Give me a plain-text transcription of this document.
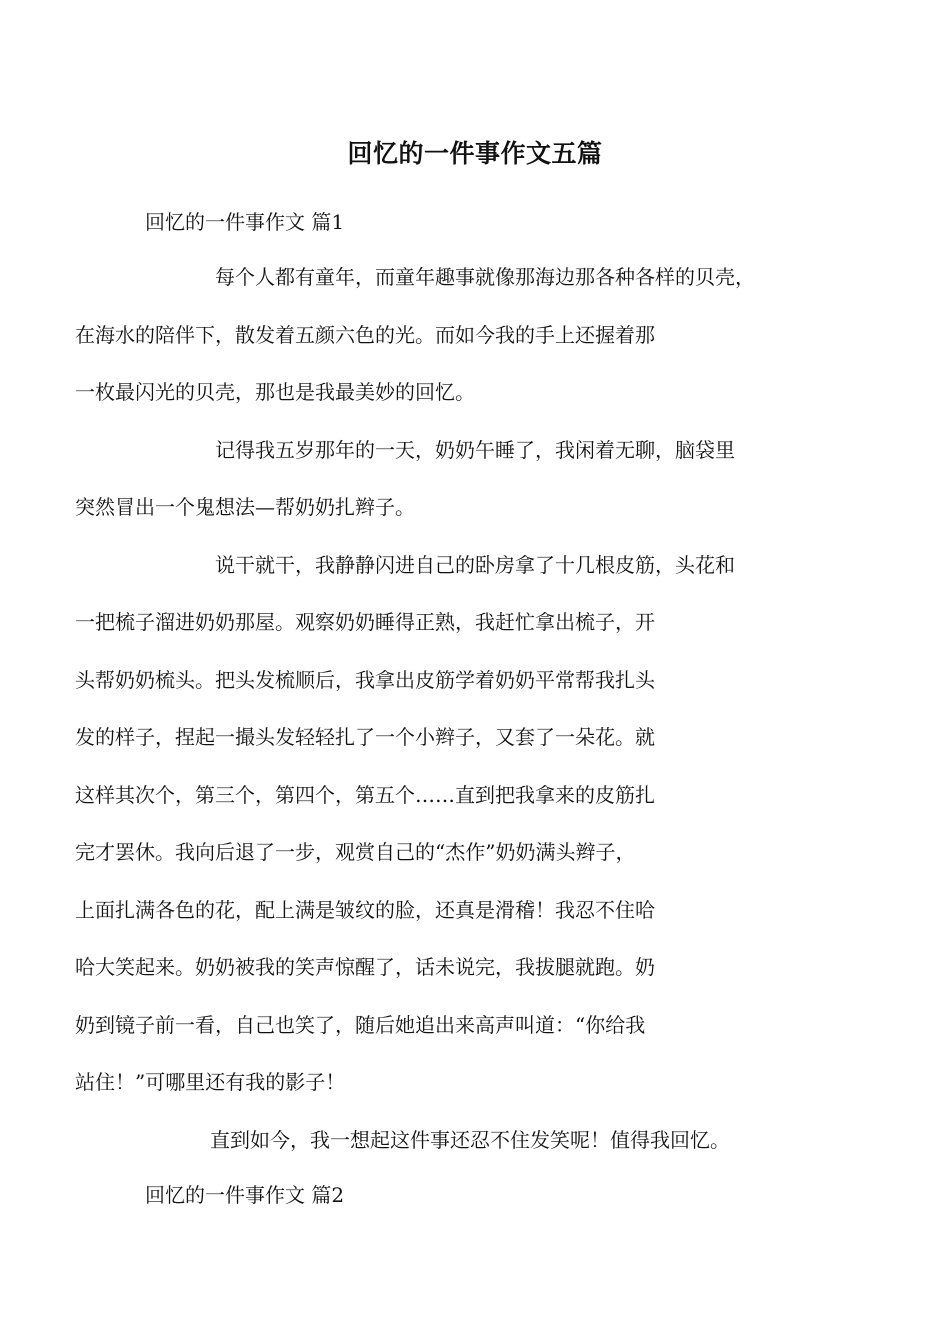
回忆的一件事作文五篇
回忆的一件事作文 篇1

每个人都有童年，而童年趣事就像那海边那各种各样的贝壳，
在海水的陪伴下，散发着五颜六色的光。而如今我的手上还握着那
一枚最闪光的贝壳，那也是我最美妙的回忆。

记得我五岁那年的一天，奶奶午睡了，我闲着无聊，脑袋里
突然冒出一个鬼想法—帮奶奶扎辫子。

说干就干，我静静闪进自己的卧房拿了十几根皮筋，头花和
一把梳子溜进奶奶那屋。观察奶奶睡得正熟，我赶忙拿出梳子，开
头帮奶奶梳头。把头发梳顺后，我拿出皮筋学着奶奶平常帮我扎头
发的样子，捏起一撮头发轻轻扎了一个小辫子，又套了一朵花。就
这样其次个，第三个，第四个，第五个……直到把我拿来的皮筋扎
完才罢休。我向后退了一步，观赏自己的“杰作”奶奶满头辫子，
上面扎满各色的花，配上满是皱纹的脸，还真是滑稽！我忍不住哈
哈大笑起来。奶奶被我的笑声惊醒了，话未说完，我拔腿就跑。奶
奶到镜子前一看，自己也笑了，随后她追出来高声叫道：“你给我
站住！”可哪里还有我的影子！

直到如今，我一想起这件事还忍不住发笑呢！值得我回忆。

回忆的一件事作文 篇2
